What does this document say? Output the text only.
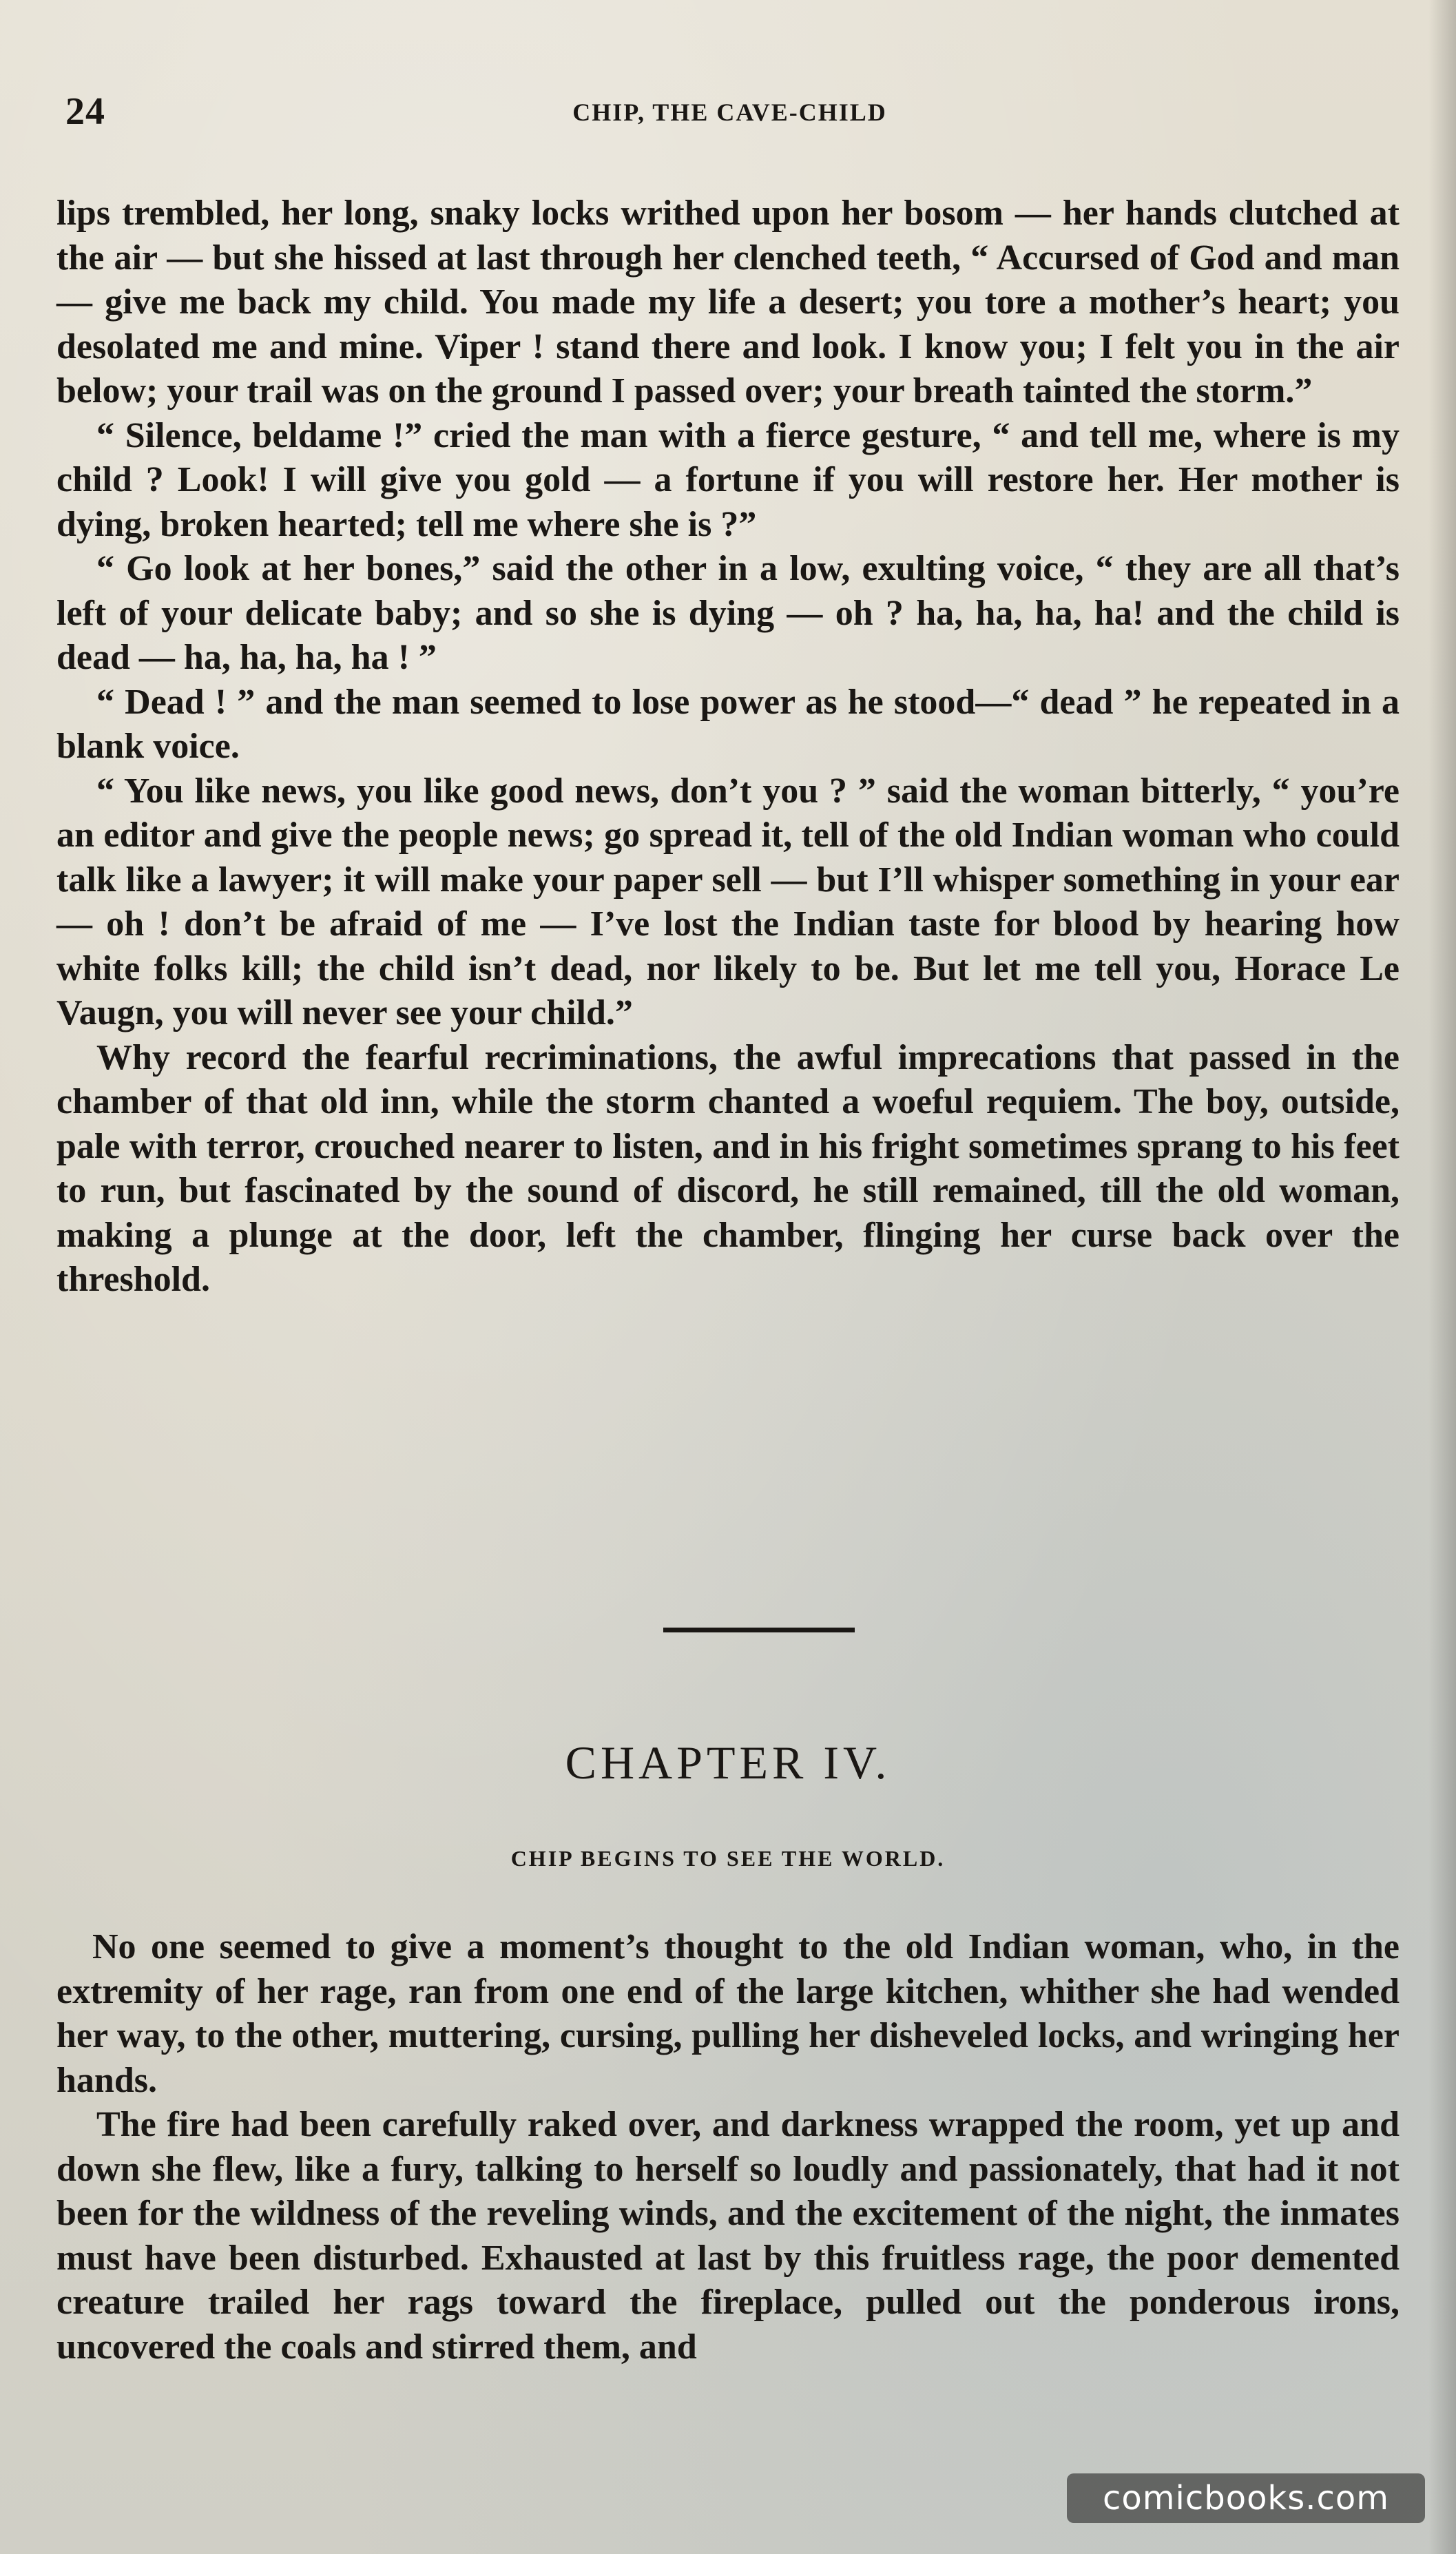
24	CHIP, THE CAVE-CHILD

lips trembled, her long, snaky locks writhed upon her bosom — her hands clutched at the air — but she hissed at last through her clenched teeth, “ Accursed of God and man — give me back my child. You made my life a desert; you tore a mother’s heart; you desolated me and mine. Viper ! stand there and look. I know you; I felt you in the air below; your trail was on the ground I passed over; your breath tainted the storm.”

“ Silence, beldame !” cried the man with a fierce gesture, “ and tell me, where is my child ? Look! I will give you gold — a fortune if you will restore her. Her mother is dying, broken hearted; tell me where she is ?”

“ Go look at her bones,” said the other in a low, exulting voice, “ they are all that’s left of your delicate baby; and so she is dying — oh ? ha, ha, ha, ha! and the child is dead — ha, ha, ha, ha ! ”

“ Dead ! ” and the man seemed to lose power as he stood—“ dead ” he repeated in a blank voice.

“ You like news, you like good news, don’t you ? ” said the woman bitterly, “ you’re an editor and give the people news; go spread it, tell of the old Indian woman who could talk like a lawyer; it will make your paper sell — but I’ll whisper something in your ear — oh ! don’t be afraid of me — I’ve lost the Indian taste for blood by hearing how white folks kill; the child isn’t dead, nor likely to be. But let me tell you, Horace Le Vaugn, you will never see your child.”

Why record the fearful recriminations, the awful imprecations that passed in the chamber of that old inn, while the storm chanted a woeful requiem. The boy, outside, pale with terror, crouched nearer to listen, and in his fright sometimes sprang to his feet to run, but fascinated by the sound of discord, he still remained, till the old woman, making a plunge at the door, left the chamber, flinging her curse back over the threshold.

CHAPTER IV.
CHIP BEGINS TO SEE THE WORLD.

No one seemed to give a moment’s thought to the old Indian woman, who, in the extremity of her rage, ran from one end of the large kitchen, whither she had wended her way, to the other, muttering, cursing, pulling her disheveled locks, and wringing her hands.

The fire had been carefully raked over, and darkness wrapped the room, yet up and down she flew, like a fury, talking to herself so loudly and passionately, that had it not been for the wildness of the reveling winds, and the excitement of the night, the inmates must have been disturbed. Exhausted at last by this fruitless rage, the poor demented creature trailed her rags toward the fireplace, pulled out the ponderous irons, uncovered the coals and stirred them, and

comicbooks.com
